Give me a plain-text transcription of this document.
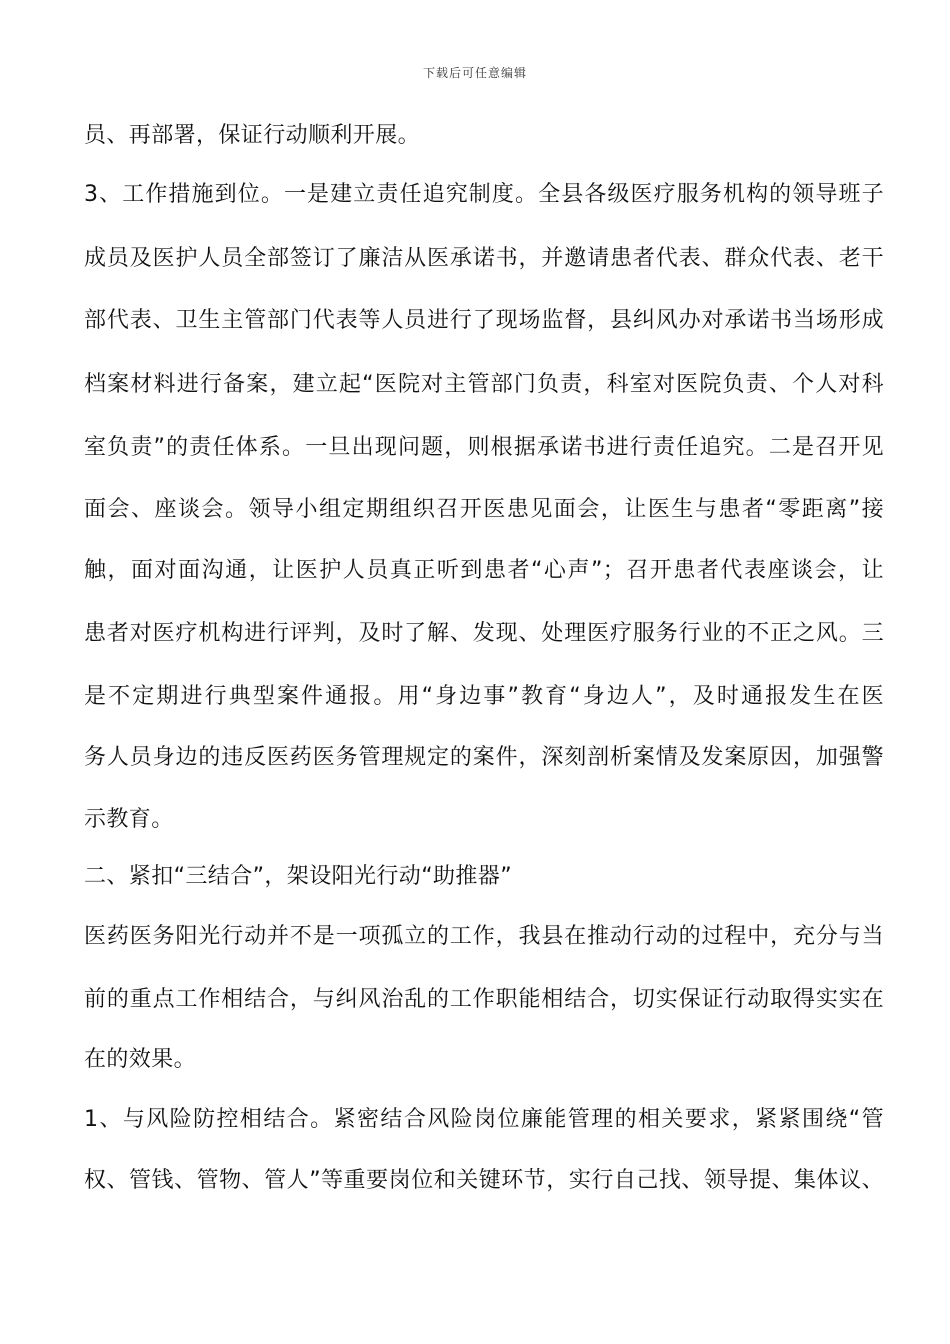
下载后可任意编辑
员、再部署，保证行动顺利开展。
3、工作措施到位。一是建立责任追究制度。全县各级医疗服务机构的领导班子
成员及医护人员全部签订了廉洁从医承诺书，并邀请患者代表、群众代表、老干
部代表、卫生主管部门代表等人员进行了现场监督，县纠风办对承诺书当场形成
档案材料进行备案，建立起“医院对主管部门负责，科室对医院负责、个人对科
室负责”的责任体系。一旦出现问题，则根据承诺书进行责任追究。二是召开见
面会、座谈会。领导小组定期组织召开医患见面会，让医生与患者“零距离”接
触，面对面沟通，让医护人员真正听到患者“心声”；召开患者代表座谈会，让
患者对医疗机构进行评判，及时了解、发现、处理医疗服务行业的不正之风。三
是不定期进行典型案件通报。用“身边事”教育“身边人”，及时通报发生在医
务人员身边的违反医药医务管理规定的案件，深刻剖析案情及发案原因，加强警
示教育。
二、紧扣“三结合”，架设阳光行动“助推器”
医药医务阳光行动并不是一项孤立的工作，我县在推动行动的过程中，充分与当
前的重点工作相结合，与纠风治乱的工作职能相结合，切实保证行动取得实实在
在的效果。
1、与风险防控相结合。紧密结合风险岗位廉能管理的相关要求，紧紧围绕“管
权、管钱、管物、管人”等重要岗位和关键环节，实行自己找、领导提、集体议、
